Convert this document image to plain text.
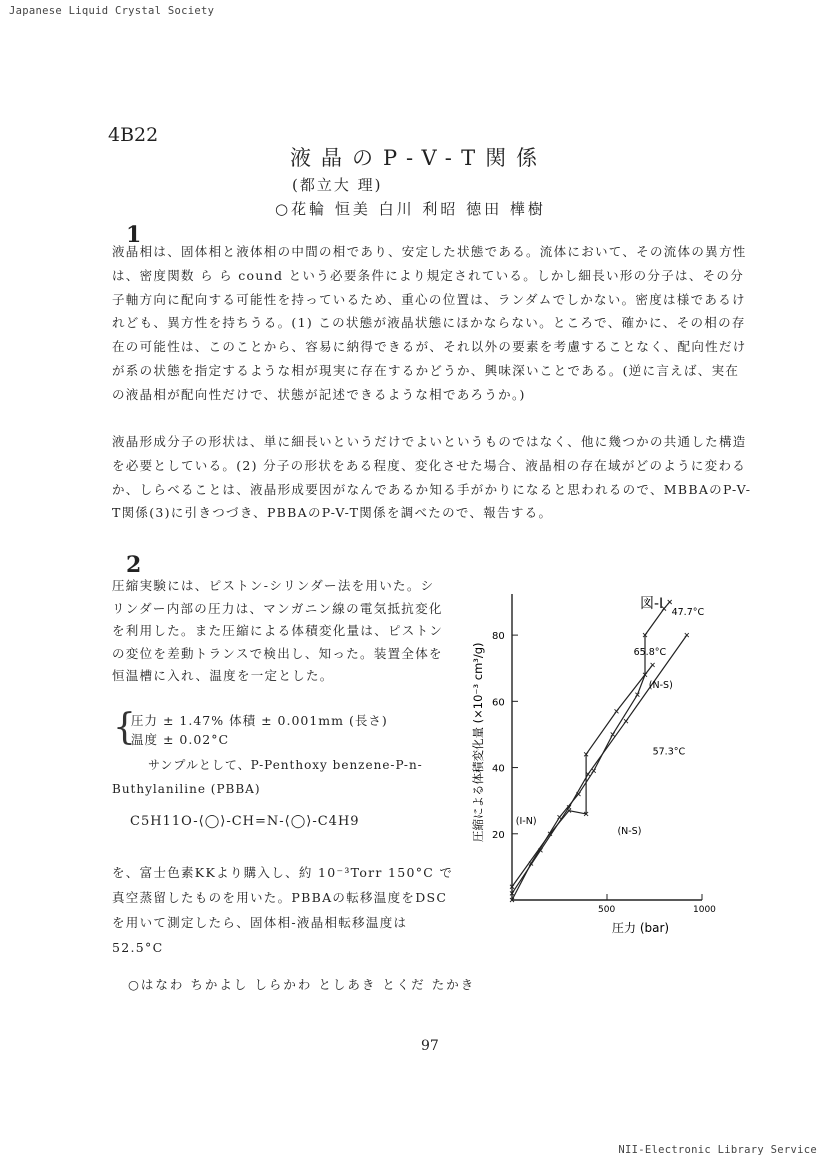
Japanese Liquid Crystal Society
4B22
液晶のP-V-T関係
(都立大 理)
○花輪 恒美 白川 利昭 徳田 樺樹
1
液晶相は、固体相と液体相の中間の相であり、安定した状態である。流体において、その流体の異方性は、密度関数 ら ら cound という必要条件により規定されている。しかし細長い形の分子は、その分子軸方向に配向する可能性を持っているため、重心の位置は、ランダムでしかない。密度は様であるけれども、異方性を持ちうる。(1) この状態が液晶状態にほかならない。ところで、確かに、その相の存在の可能性は、このことから、容易に納得できるが、それ以外の要素を考慮することなく、配向性だけが系の状態を指定するような相が現実に存在するかどうか、興味深いことである。(逆に言えば、実在の液晶相が配向性だけで、状態が記述できるような相であろうか。)
液晶形成分子の形状は、単に細長いというだけでよいというものではなく、他に幾つかの共通した構造を必要としている。(2) 分子の形状をある程度、変化させた場合、液晶相の存在域がどのように変わるか、しらべることは、液晶形成要因がなんであるか知る手がかりになると思われるので、MBBAのP-V-T関係(3)に引きつづき、PBBAのP-V-T関係を調べたので、報告する。
2
圧縮実験には、ピストン-シリンダー法を用いた。シリンダー内部の圧力は、マンガニン線の電気抵抗変化を利用した。また圧縮による体積変化量は、ピストンの変位を差動トランスで検出し、知った。装置全体を恒温槽に入れ、温度を一定とした。
{
圧力 ± 1.47% 体積 ± 0.001mm (長さ)
温度 ± 0.02°C
サンプルとして、P-Penthoxy benzene-P-n-
Buthylaniline (PBBA)
C5H11O-⟨◯⟩-CH=N-⟨◯⟩-C4H9
を、富士色素KKより購入し、約 10⁻³Torr 150°C で真空蒸留したものを用いた。PBBAの転移温度をDSCを用いて測定したら、固体相-液晶相転移温度は 52.5°C
○はなわ ちかよし しらかわ としあき とくだ たかき
97
NII-Electronic Library Service
500	1000
20
40
60
80
47.7°C
65.8°C
57.3°C
(N-S)
(I-N)
(N-S)
図-I
圧力 (bar)
圧縮による体積変化量 (×10⁻³ cm³/g)
